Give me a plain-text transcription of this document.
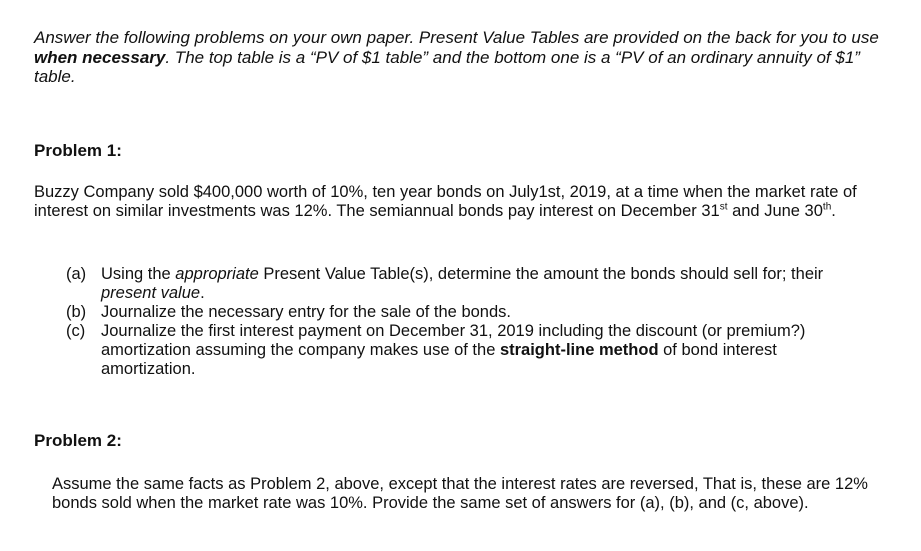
Answer the following problems on your own paper. Present Value Tables are provided on the back for you to use when necessary. The top table is a “PV of $1 table” and the bottom one is a “PV of an ordinary annuity of $1” table.

Problem 1:

Buzzy Company sold $400,000 worth of 10%, ten year bonds on July1st, 2019, at a time when the market rate of interest on similar investments was 12%. The semiannual bonds pay interest on December 31st and June 30th.

(a) Using the appropriate Present Value Table(s), determine the amount the bonds should sell for; their present value.
(b) Journalize the necessary entry for the sale of the bonds.
(c) Journalize the first interest payment on December 31, 2019 including the discount (or premium?) amortization assuming the company makes use of the straight-line method of bond interest amortization.
Problem 2:

Assume the same facts as Problem 2, above, except that the interest rates are reversed, That is, these are 12% bonds sold when the market rate was 10%. Provide the same set of answers for (a), (b), and (c, above).
